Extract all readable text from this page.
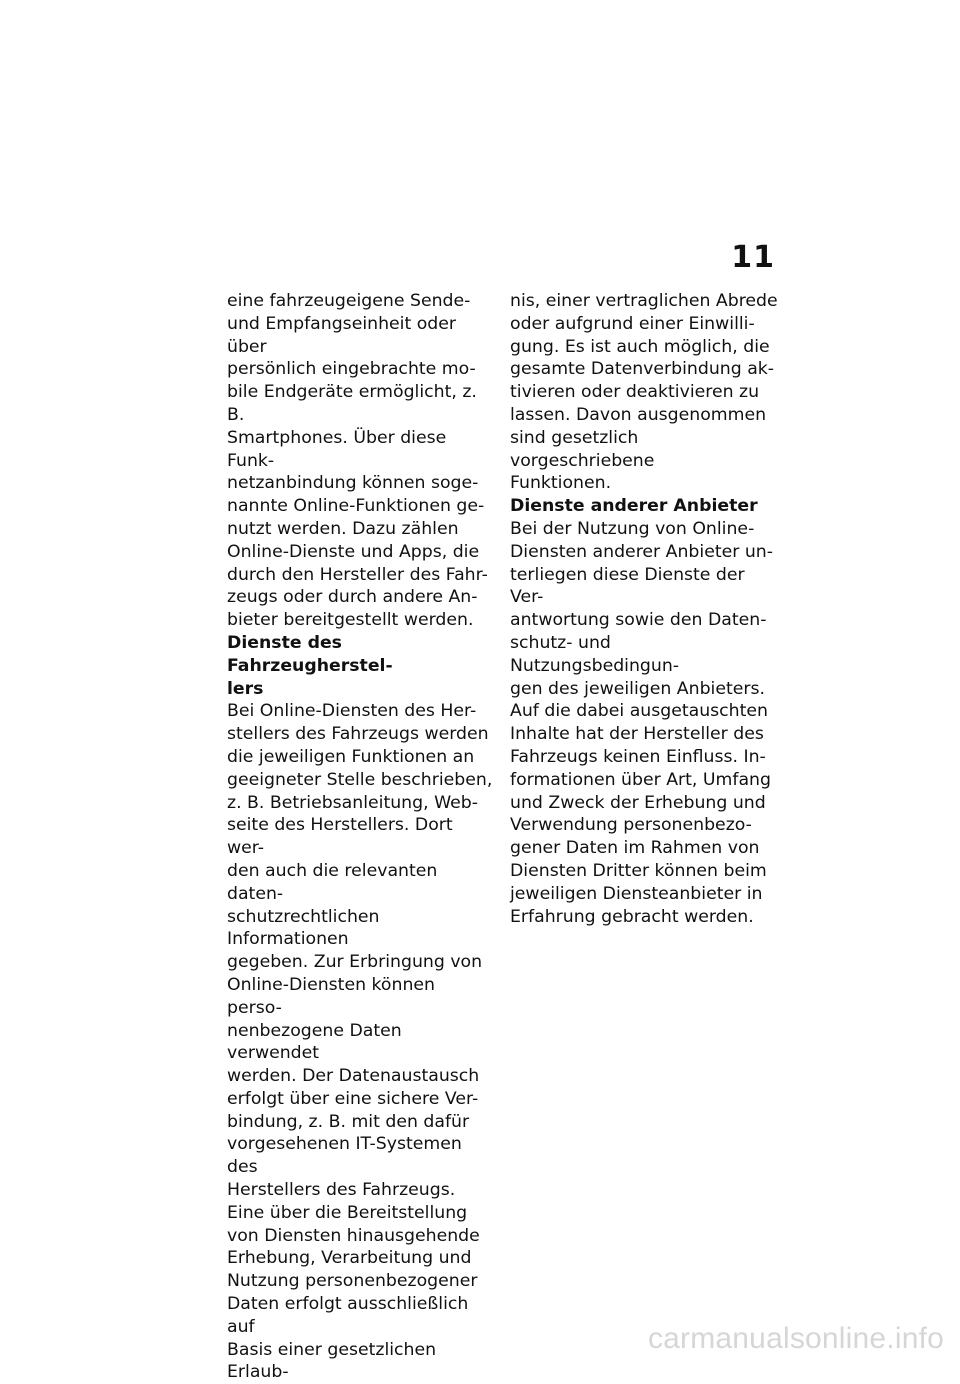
11

eine fahrzeugeigene Sende-
und Empfangseinheit oder über
persönlich eingebrachte mo-
bile Endgeräte ermöglicht, z. B.
Smartphones. Über diese Funk-
netzanbindung können soge-
nannte Online-Funktionen ge-
nutzt werden. Dazu zählen
Online-Dienste und Apps, die
durch den Hersteller des Fahr-
zeugs oder durch andere An-
bieter bereitgestellt werden.

Dienste des Fahrzeugherstel-
lers

Bei Online-Diensten des Her-
stellers des Fahrzeugs werden
die jeweiligen Funktionen an
geeigneter Stelle beschrieben,
z. B. Betriebsanleitung, Web-
seite des Herstellers. Dort wer-
den auch die relevanten daten-
schutzrechtlichen Informationen
gegeben. Zur Erbringung von
Online-Diensten können perso-
nenbezogene Daten verwendet
werden. Der Datenaustausch
erfolgt über eine sichere Ver-
bindung, z. B. mit den dafür
vorgesehenen IT-Systemen des
Herstellers des Fahrzeugs.

Eine über die Bereitstellung
von Diensten hinausgehende
Erhebung, Verarbeitung und
Nutzung personenbezogener
Daten erfolgt ausschließlich auf
Basis einer gesetzlichen Erlaub-

nis, einer vertraglichen Abrede
oder aufgrund einer Einwilli-
gung. Es ist auch möglich, die
gesamte Datenverbindung ak-
tivieren oder deaktivieren zu
lassen. Davon ausgenommen
sind gesetzlich vorgeschriebene
Funktionen.

Dienste anderer Anbieter

Bei der Nutzung von Online-
Diensten anderer Anbieter un-
terliegen diese Dienste der Ver-
antwortung sowie den Daten-
schutz- und Nutzungsbedingun-
gen des jeweiligen Anbieters.
Auf die dabei ausgetauschten
Inhalte hat der Hersteller des
Fahrzeugs keinen Einfluss. In-
formationen über Art, Umfang
und Zweck der Erhebung und
Verwendung personenbezo-
gener Daten im Rahmen von
Diensten Dritter können beim
jeweiligen Diensteanbieter in
Erfahrung gebracht werden.

carmanualsonline.info
